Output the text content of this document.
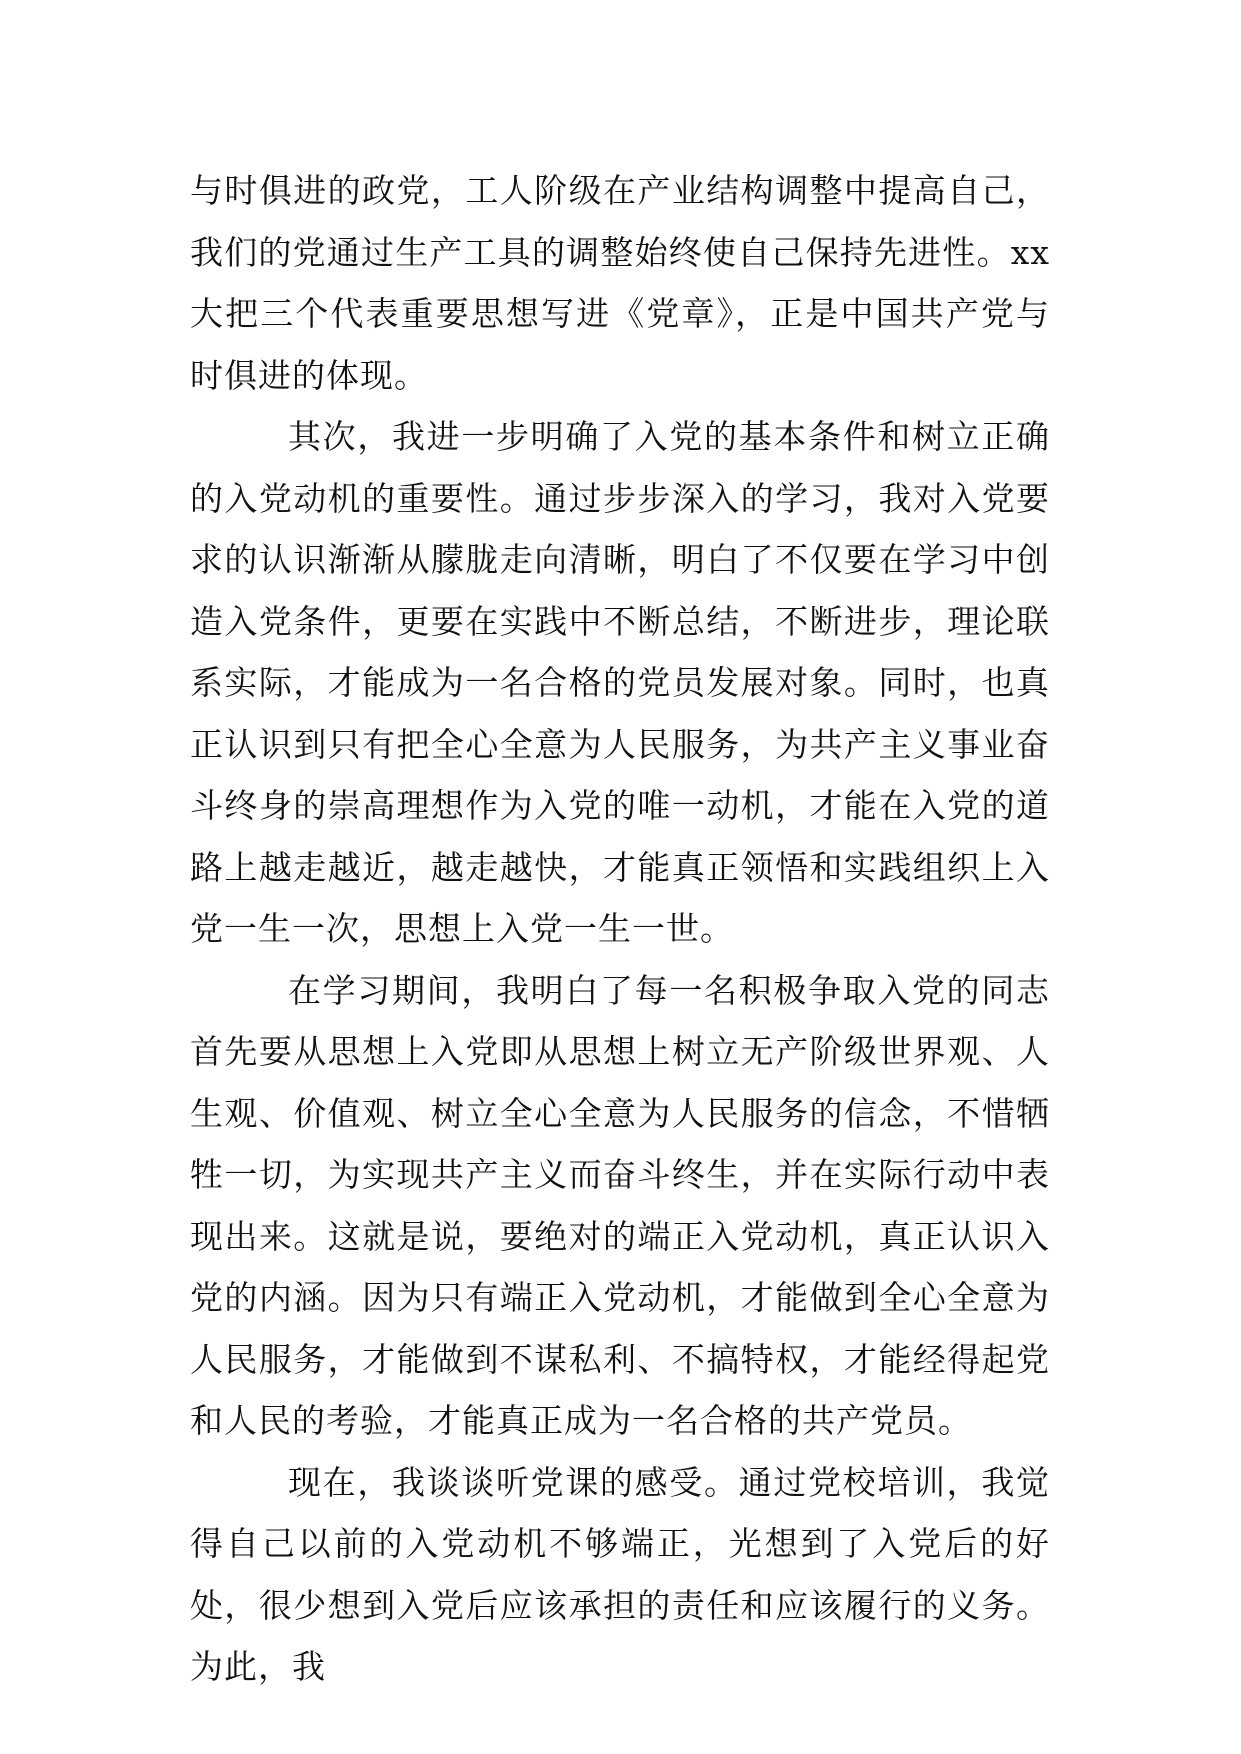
与时俱进的政党，工人阶级在产业结构调整中提高自己，我们的党通过生产工具的调整始终使自己保持先进性。xx 大把三个代表重要思想写进《党章》，正是中国共产党与时俱进的体现。

其次，我进一步明确了入党的基本条件和树立正确的入党动机的重要性。通过步步深入的学习，我对入党要求的认识渐渐从朦胧走向清晰，明白了不仅要在学习中创造入党条件，更要在实践中不断总结，不断进步，理论联系实际，才能成为一名合格的党员发展对象。同时，也真正认识到只有把全心全意为人民服务，为共产主义事业奋斗终身的崇高理想作为入党的唯一动机，才能在入党的道路上越走越近，越走越快，才能真正领悟和实践组织上入党一生一次，思想上入党一生一世。

在学习期间，我明白了每一名积极争取入党的同志首先要从思想上入党即从思想上树立无产阶级世界观、人生观、价值观、树立全心全意为人民服务的信念，不惜牺牲一切，为实现共产主义而奋斗终生，并在实际行动中表现出来。这就是说，要绝对的端正入党动机，真正认识入党的内涵。因为只有端正入党动机，才能做到全心全意为人民服务，才能做到不谋私利、不搞特权，才能经得起党和人民的考验，才能真正成为一名合格的共产党员。

现在，我谈谈听党课的感受。通过党校培训，我觉得自己以前的入党动机不够端正，光想到了入党后的好处，很少想到入党后应该承担的责任和应该履行的义务。为此，我
